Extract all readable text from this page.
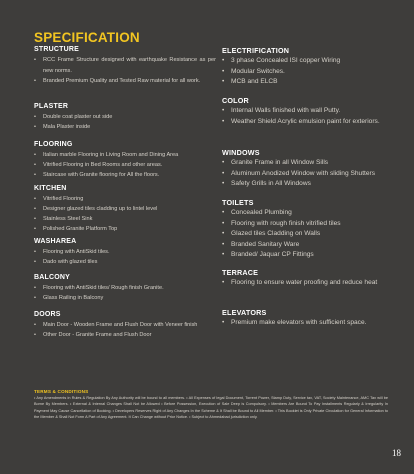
SPECIFICATION
STRUCTURE
• RCC Frame Structure designed with earthquake Resistance as per new norms.
• Branded Premium Quality and Tested Raw material for all work.
PLASTER
• Double coat plaster out side
• Mala Plaster inside
FLOORING
• Italian marble Flooring in Living Room and Dining Area
• Vitrified Flooring in Bed Rooms and other areas.
• Staircase with Granite flooring for All the floors.
KITCHEN
• Vitrified Flooring
• Designer glazed tiles cladding up to lintel level
• Stainless Steel Sink
• Polished Granite Platform Top
WASHAREA
• Flooring with AntiSkid tiles.
• Dado with glazed tiles
BALCONY
• Flooring with AntiSkid tiles/ Rough finish Granite.
• Glass Railing in Balcony
DOORS
• Main Door - Wooden Frame and Flush Door with Veneer finish
• Other Door - Granite Frame and Flush Door
ELECTRIFICATION
• 3 phase Concealed ISI copper Wiring
• Modular Switches.
• MCB and ELCB
COLOR
• Internal Walls finished with wall Putty.
• Weather Shield Acrylic emulsion paint for exteriors.
WINDOWS
• Granite Frame in all Window Sills
• Aluminum Anodized Window with sliding Shutters
• Safety Grills in All Windows
TOILETS
• Concealed Plumbing
• Flooring with rough finish vitrified tiles
• Glazed tiles Cladding on Walls
• Branded Sanitary Ware
• Branded/ Jaquar CP Fittings
TERRACE
• Flooring to ensure water proofing and reduce heat
ELEVATORS
• Premium make elevators with sufficient space.
TERMS & CONDITIONS

• Any Amendments in Rules & Regulation By Any Authority will be bound to all members. • All Expenses of legal Document, Torrent Power, Stamp Duty, Service tax, VAT, Society Maintenance, AMC Tax will be Borne By Members. • External & Internal Changes Shall Not be Allowed • Before Possession, Execution of Sale Deep is Compulsory. • Members Are Bound To Pay Installments Regularly & Irregularity In Payment May Cause Cancellation of Booking. • Developers Reserves Right of Any Changes In the Scheme & It Shall be Bound to All Member. • This Booklet is Only Private Circulation for General Information to the Member & Shall Not Form A Part of Any Agreement. It Can Change without Prior Notice. • Subject to Ahmedabad jurisdiction only.

18
